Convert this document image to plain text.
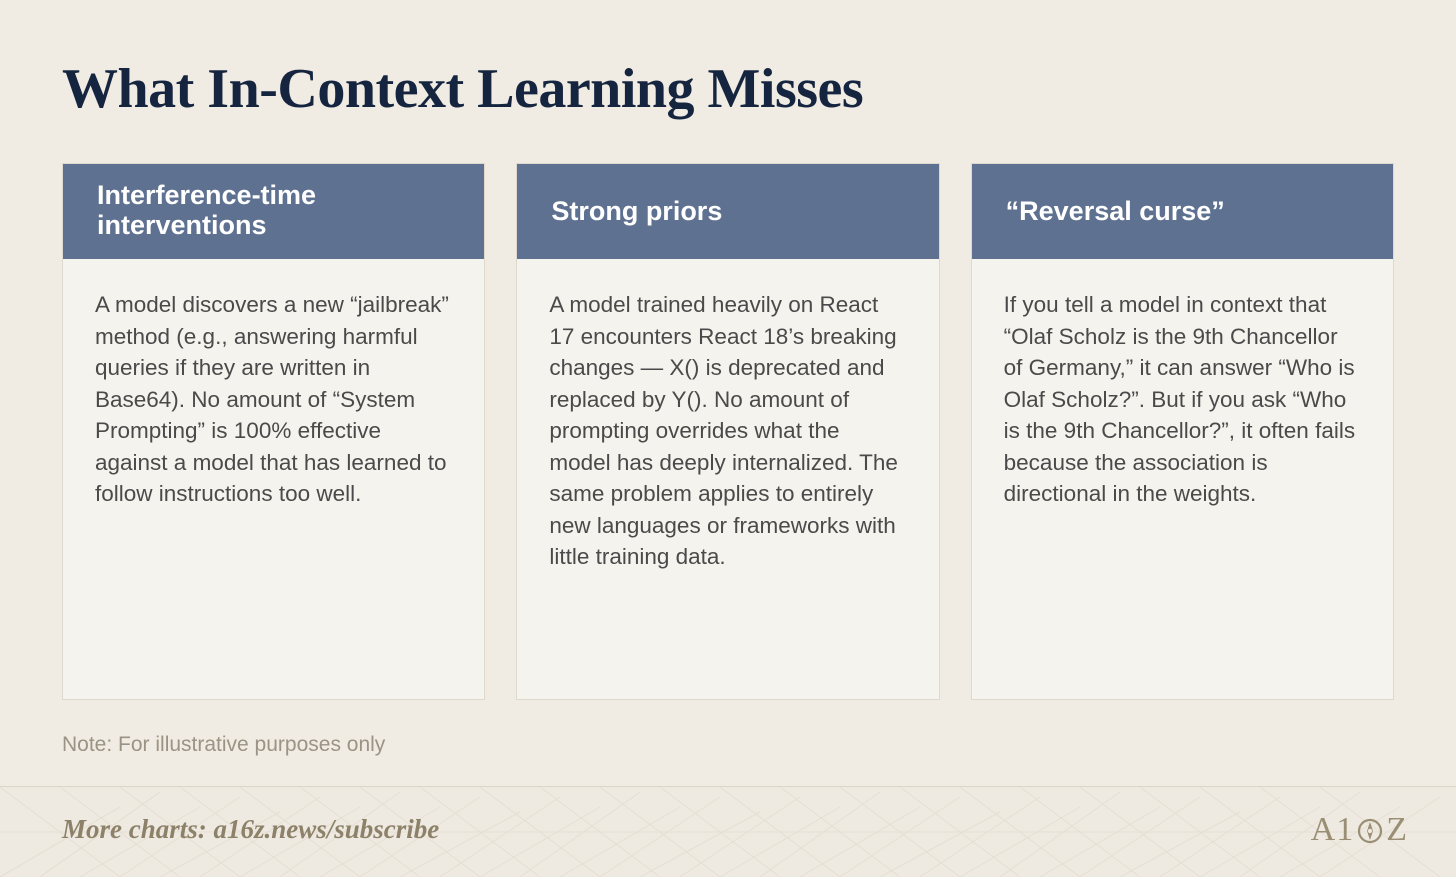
What In-Context Learning Misses
Interference-time interventions
A model discovers a new “jailbreak” method (e.g., answering harmful queries if they are written in Base64). No amount of “System Prompting” is 100% effective against a model that has learned to follow instructions too well.
Strong priors
A model trained heavily on React 17 encounters React 18’s breaking changes — X() is deprecated and replaced by Y(). No amount of prompting overrides what the model has deeply internalized. The same problem applies to entirely new languages or frameworks with little training data.
“Reversal curse”
If you tell a model in context that “Olaf Scholz is the 9th Chancellor of Germany,” it can answer “Who is Olaf Scholz?”. But if you ask “Who is the 9th Chancellor?”, it often fails because the association is directional in the weights.
Note: For illustrative purposes only
More charts: a16z.news/subscribe	A1 Z
